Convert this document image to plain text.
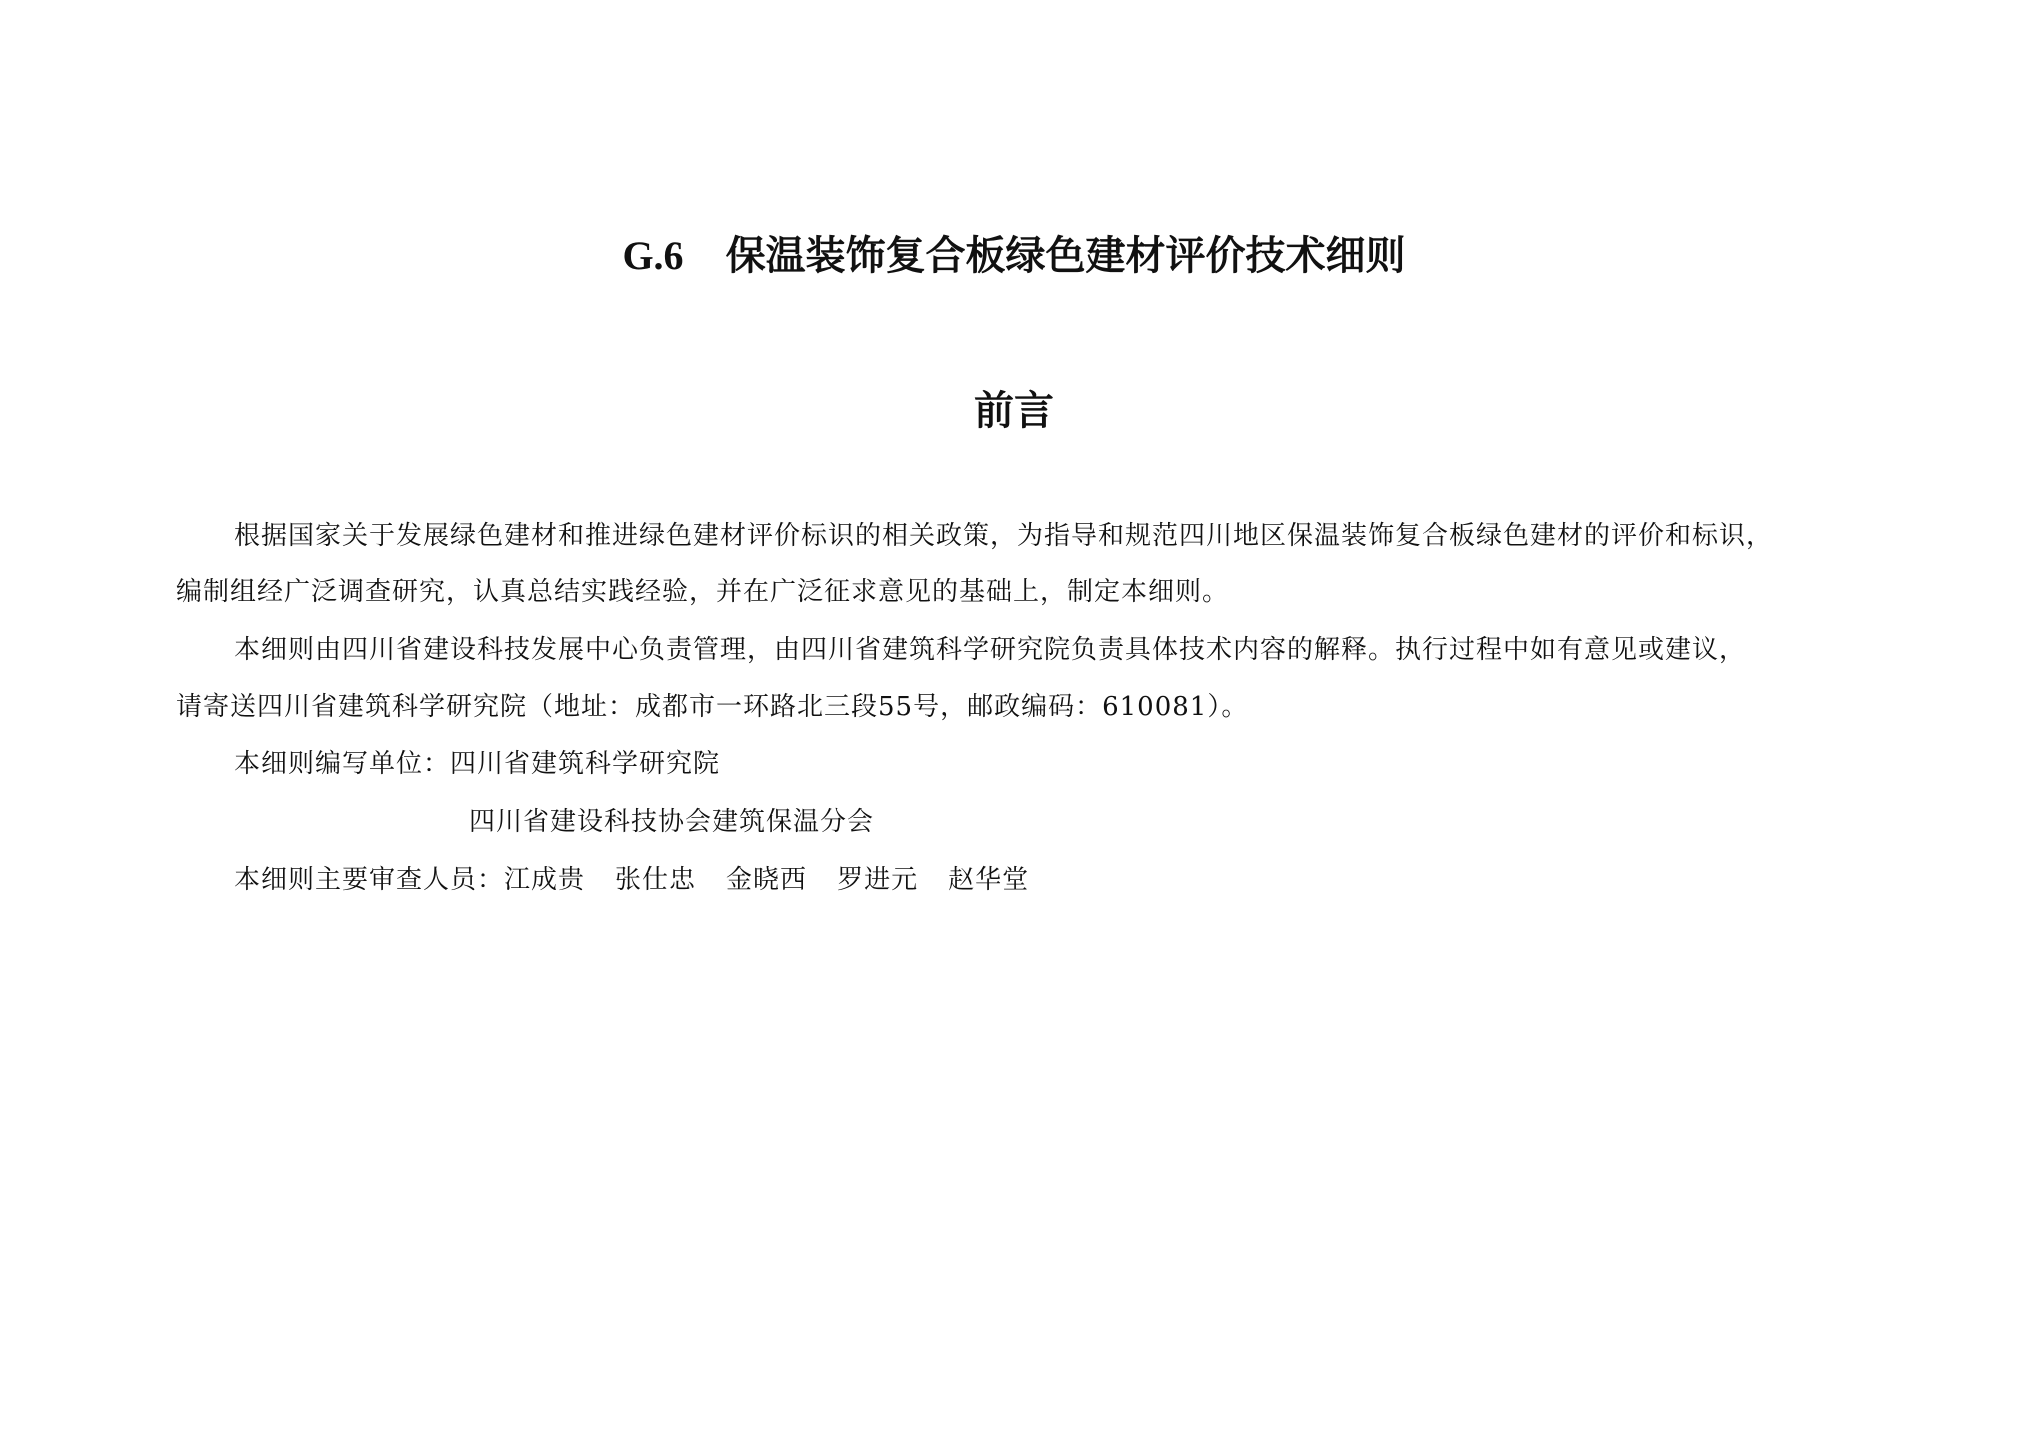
G.6 保温装饰复合板绿色建材评价技术细则
前言
根据国家关于发展绿色建材和推进绿色建材评价标识的相关政策，为指导和规范四川地区保温装饰复合板绿色建材的评价和标识，
编制组经广泛调查研究，认真总结实践经验，并在广泛征求意见的基础上，制定本细则。
本细则由四川省建设科技发展中心负责管理，由四川省建筑科学研究院负责具体技术内容的解释。执行过程中如有意见或建议，
请寄送四川省建筑科学研究院（地址：成都市一环路北三段55号，邮政编码：610081）。
本细则编写单位：四川省建筑科学研究院
四川省建设科技协会建筑保温分会
本细则主要审查人员：江成贵 张仕忠 金晓西 罗进元 赵华堂
